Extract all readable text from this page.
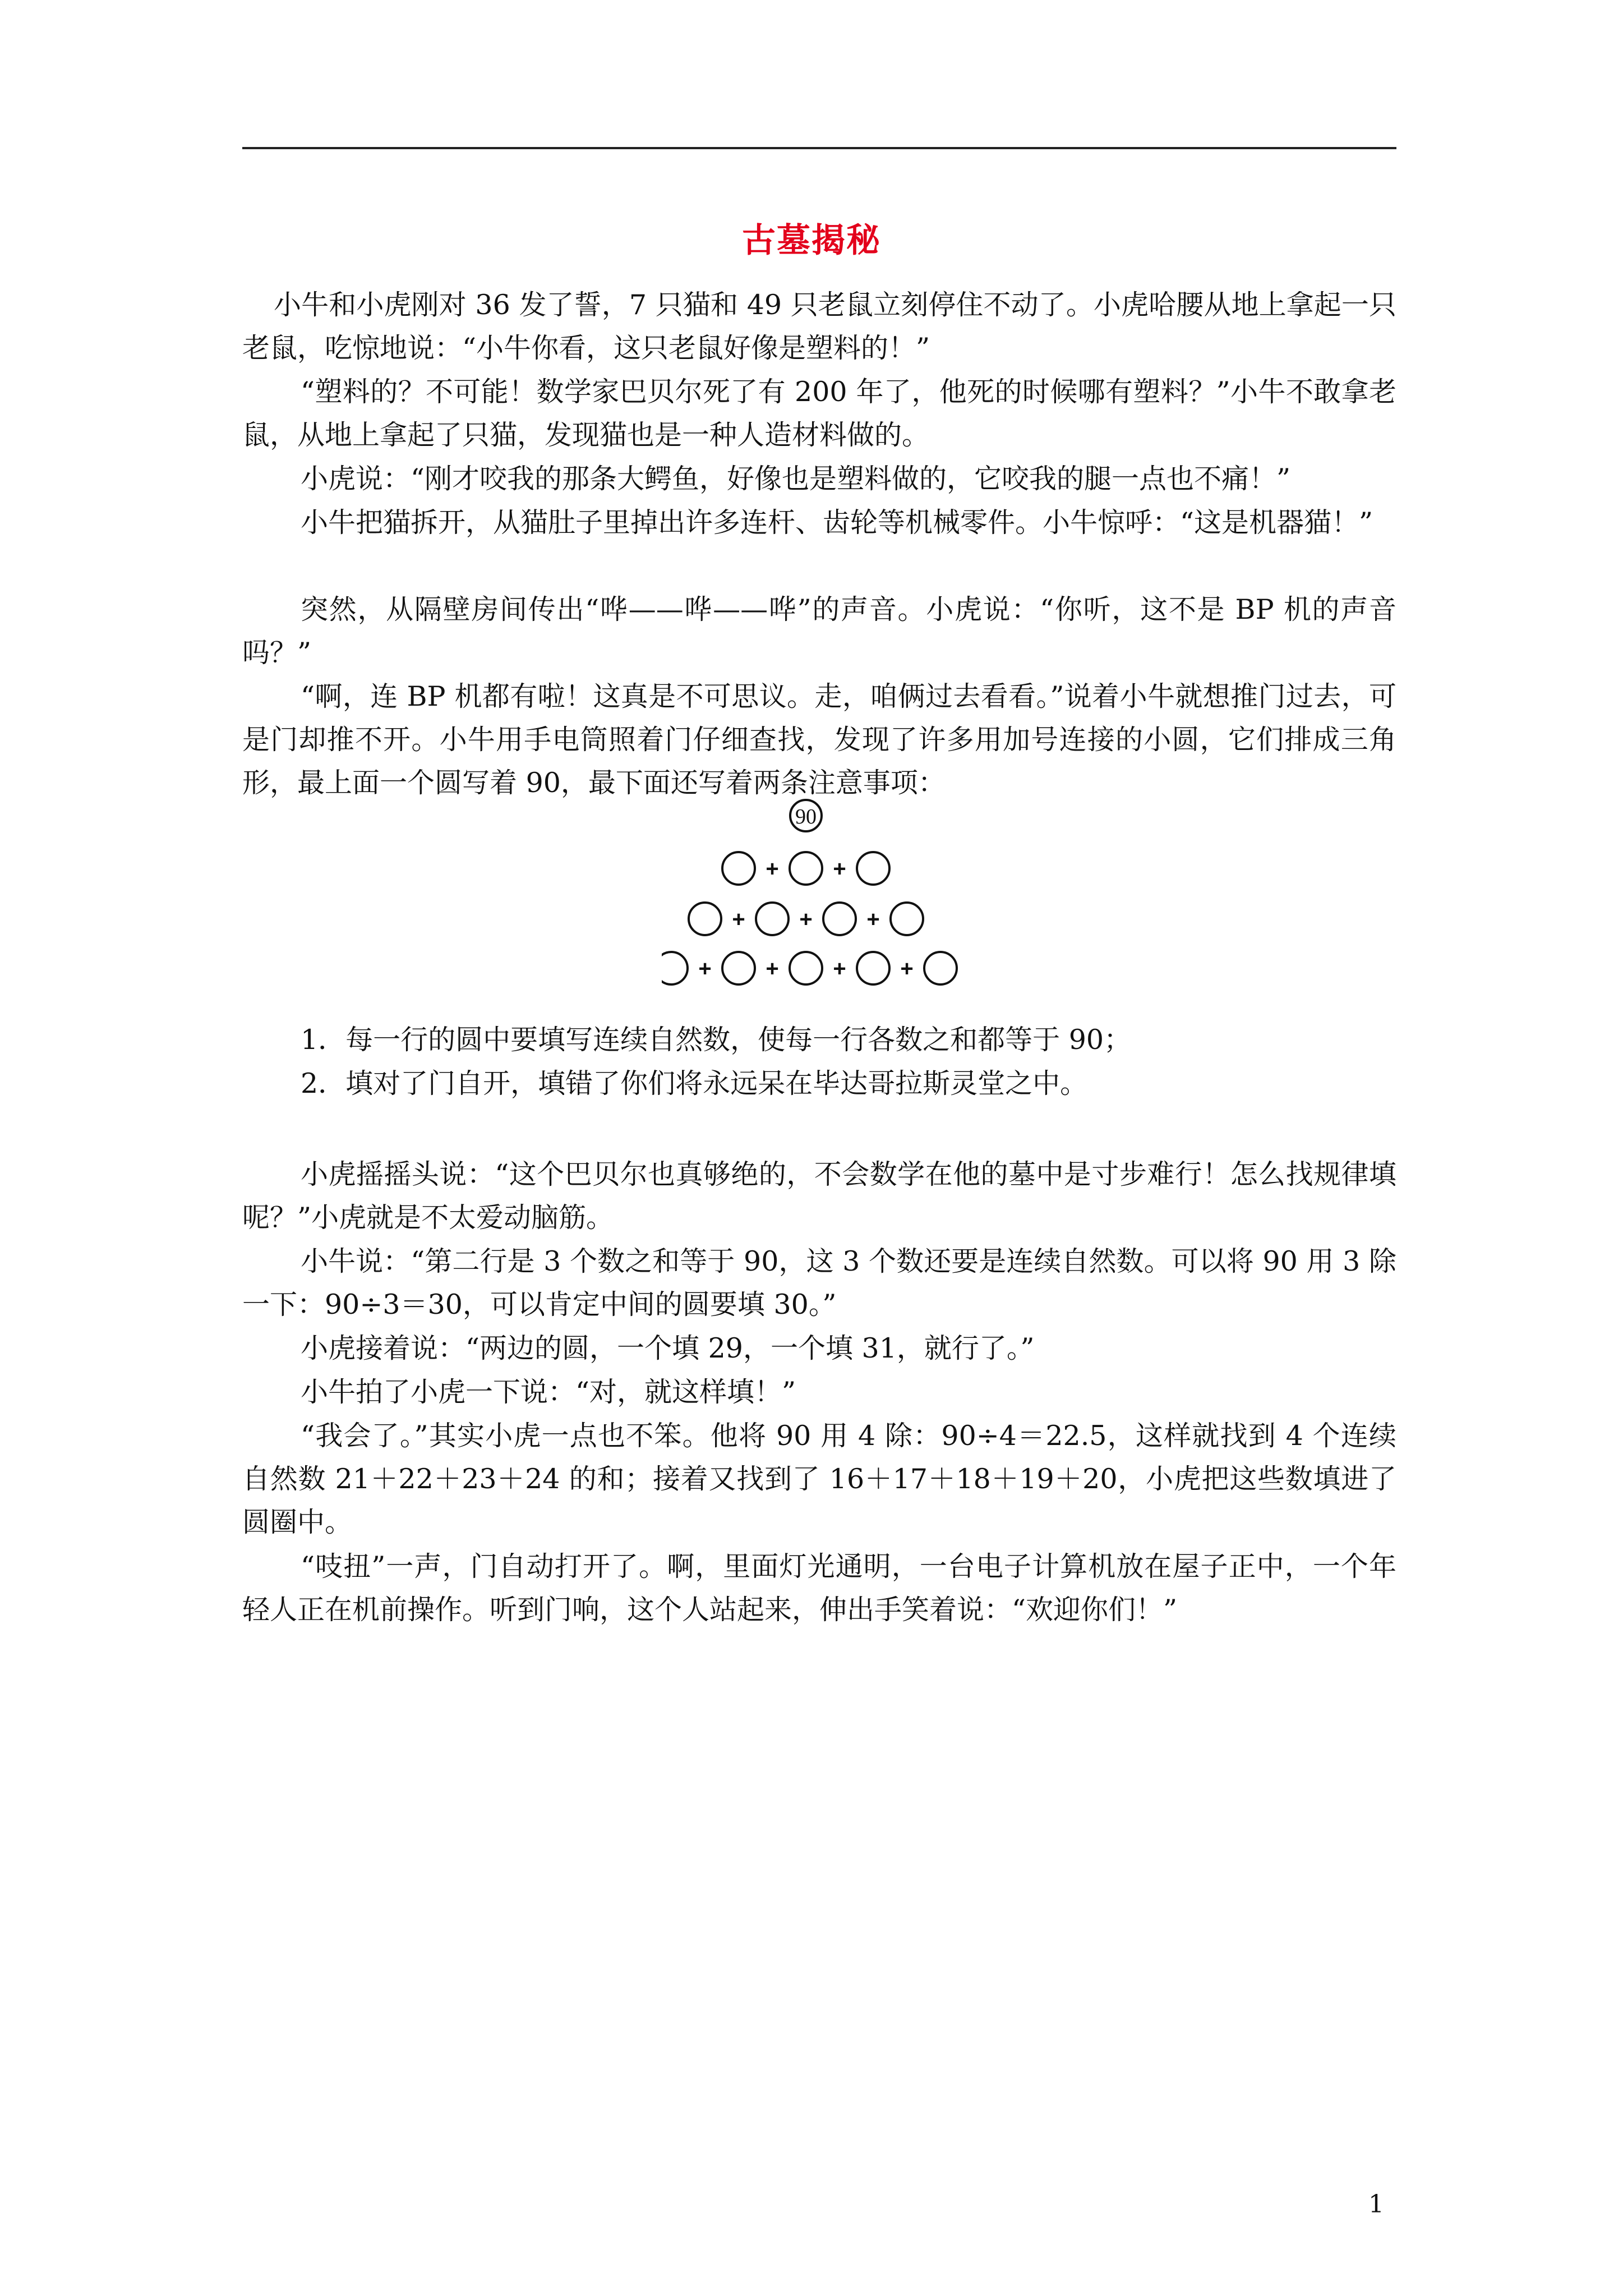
古墓揭秘

小牛和小虎刚对 36 发了誓，7 只猫和 49 只老鼠立刻停住不动了。小虎哈腰从地上拿起一只老鼠，吃惊地说：“小牛你看，这只老鼠好像是塑料的！”

“塑料的？不可能！数学家巴贝尔死了有 200 年了，他死的时候哪有塑料？”小牛不敢拿老鼠，从地上拿起了只猫，发现猫也是一种人造材料做的。

小虎说：“刚才咬我的那条大鳄鱼，好像也是塑料做的，它咬我的腿一点也不痛！”

小牛把猫拆开，从猫肚子里掉出许多连杆、齿轮等机械零件。小牛惊呼：“这是机器猫！”

突然，从隔壁房间传出“哗——哗——哗”的声音。小虎说：“你听，这不是 BP 机的声音吗？”

“啊，连 BP 机都有啦！这真是不可思议。走，咱俩过去看看。”说着小牛就想推门过去，可是门却推不开。小牛用手电筒照着门仔细查找，发现了许多用加号连接的小圆，它们排成三角形，最上面一个圆写着 90，最下面还写着两条注意事项：

90
+ +
+ + +
+ + + +

1．每一行的圆中要填写连续自然数，使每一行各数之和都等于 90；

2．填对了门自开，填错了你们将永远呆在毕达哥拉斯灵堂之中。

小虎摇摇头说：“这个巴贝尔也真够绝的，不会数学在他的墓中是寸步难行！怎么找规律填呢？”小虎就是不太爱动脑筋。

小牛说：“第二行是 3 个数之和等于 90，这 3 个数还要是连续自然数。可以将 90 用 3 除一下：90÷3＝30，可以肯定中间的圆要填 30。”

小虎接着说：“两边的圆，一个填 29，一个填 31，就行了。”

小牛拍了小虎一下说：“对，就这样填！”

“我会了。”其实小虎一点也不笨。他将 90 用 4 除：90÷4＝22.5，这样就找到 4 个连续自然数 21＋22＋23＋24 的和；接着又找到了 16＋17＋18＋19＋20，小虎把这些数填进了圆圈中。

“吱扭”一声，门自动打开了。啊，里面灯光通明，一台电子计算机放在屋子正中，一个年轻人正在机前操作。听到门响，这个人站起来，伸出手笑着说：“欢迎你们！”

1
